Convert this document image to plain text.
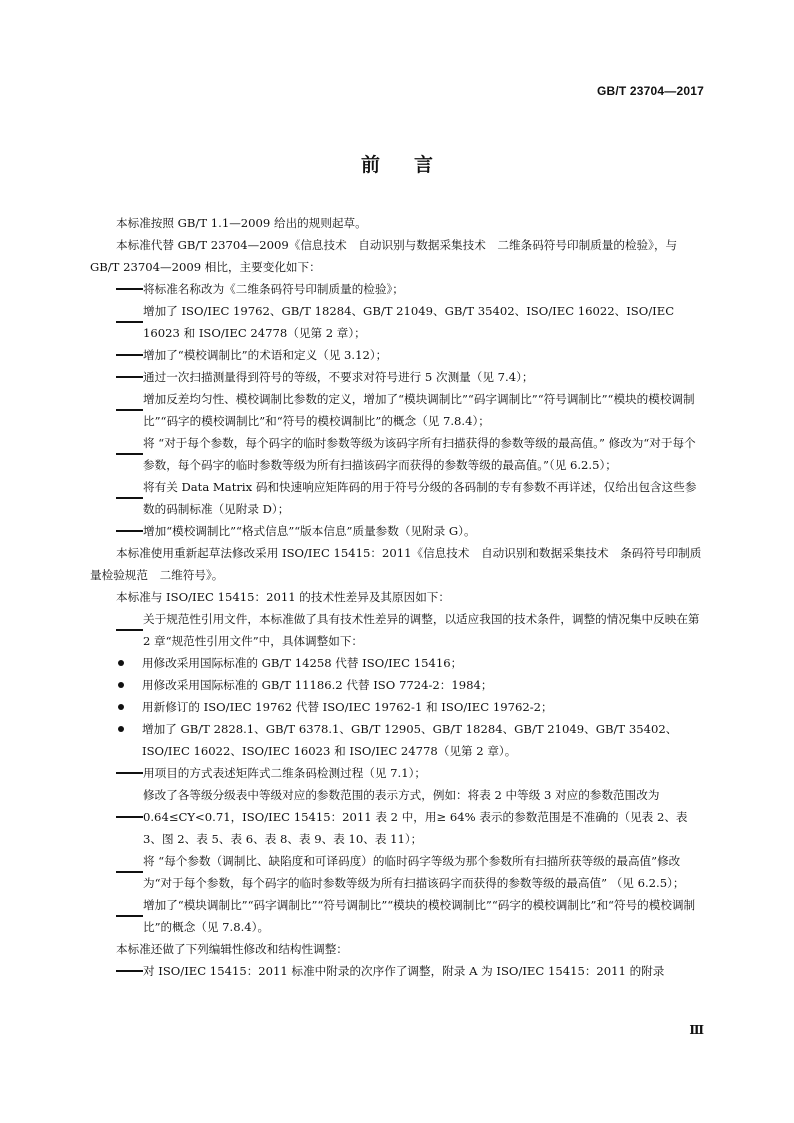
GB/T 23704—2017
前言

本标准按照 GB/T 1.1—2009 给出的规则起草。

本标准代替 GB/T 23704—2009《信息技术　自动识别与数据采集技术　二维条码符号印制质量的检验》，与 GB/T 23704—2009 相比，主要变化如下：

将标准名称改为《二维条码符号印制质量的检验》；
增加了 ISO/IEC 19762、GB/T 18284、GB/T 21049、GB/T 35402、ISO/IEC 16022、ISO/IEC 16023 和 ISO/IEC 24778（见第 2 章）；
增加了“模校调制比”的术语和定义（见 3.12）；
通过一次扫描测量得到符号的等级，不要求对符号进行 5 次测量（见 7.4）；
增加反差均匀性、模校调制比参数的定义，增加了“模块调制比”“码字调制比”“符号调制比”“模块的模校调制比”“码字的模校调制比”和“符号的模校调制比”的概念（见 7.8.4）；
将 “对于每个参数，每个码字的临时参数等级为该码字所有扫描获得的参数等级的最高值。” 修改为“对于每个参数，每个码字的临时参数等级为所有扫描该码字而获得的参数等级的最高值。”（见 6.2.5）；
将有关 Data Matrix 码和快速响应矩阵码的用于符号分级的各码制的专有参数不再详述，仅给出包含这些参数的码制标准（见附录 D）；
增加“模校调制比”“格式信息”“版本信息”质量参数（见附录 G）。

本标准使用重新起草法修改采用 ISO/IEC 15415：2011《信息技术　自动识别和数据采集技术　条码符号印制质量检验规范　二维符号》。

本标准与 ISO/IEC 15415：2011 的技术性差异及其原因如下：

关于规范性引用文件，本标准做了具有技术性差异的调整，以适应我国的技术条件，调整的情况集中反映在第 2 章“规范性引用文件”中，具体调整如下：
用修改采用国际标准的 GB/T 14258 代替 ISO/IEC 15416；
用修改采用国际标准的 GB/T 11186.2 代替 ISO 7724-2：1984；
用新修订的 ISO/IEC 19762 代替 ISO/IEC 19762-1 和 ISO/IEC 19762-2；
增加了 GB/T 2828.1、GB/T 6378.1、GB/T 12905、GB/T 18284、GB/T 21049、GB/T 35402、ISO/IEC 16022、ISO/IEC 16023 和 ISO/IEC 24778（见第 2 章）。
用项目的方式表述矩阵式二维条码检测过程（见 7.1）；
修改了各等级分级表中等级对应的参数范围的表示方式，例如：将表 2 中等级 3 对应的参数范围改为 0.64≤CY<0.71，ISO/IEC 15415：2011 表 2 中，用≥ 64% 表示的参数范围是不准确的（见表 2、表 3、图 2、表 5、表 6、表 8、表 9、表 10、表 11）；
将 “每个参数（调制比、缺陷度和可译码度）的临时码字等级为那个参数所有扫描所获等级的最高值”修改为“对于每个参数，每个码字的临时参数等级为所有扫描该码字而获得的参数等级的最高值” （见 6.2.5）；
增加了“模块调制比”“码字调制比”“符号调制比”“模块的模校调制比”“码字的模校调制比”和“符号的模校调制比”的概念（见 7.8.4）。

本标准还做了下列编辑性修改和结构性调整：

对 ISO/IEC 15415：2011 标准中附录的次序作了调整，附录 A 为 ISO/IEC 15415：2011 的附录
Ⅲ
